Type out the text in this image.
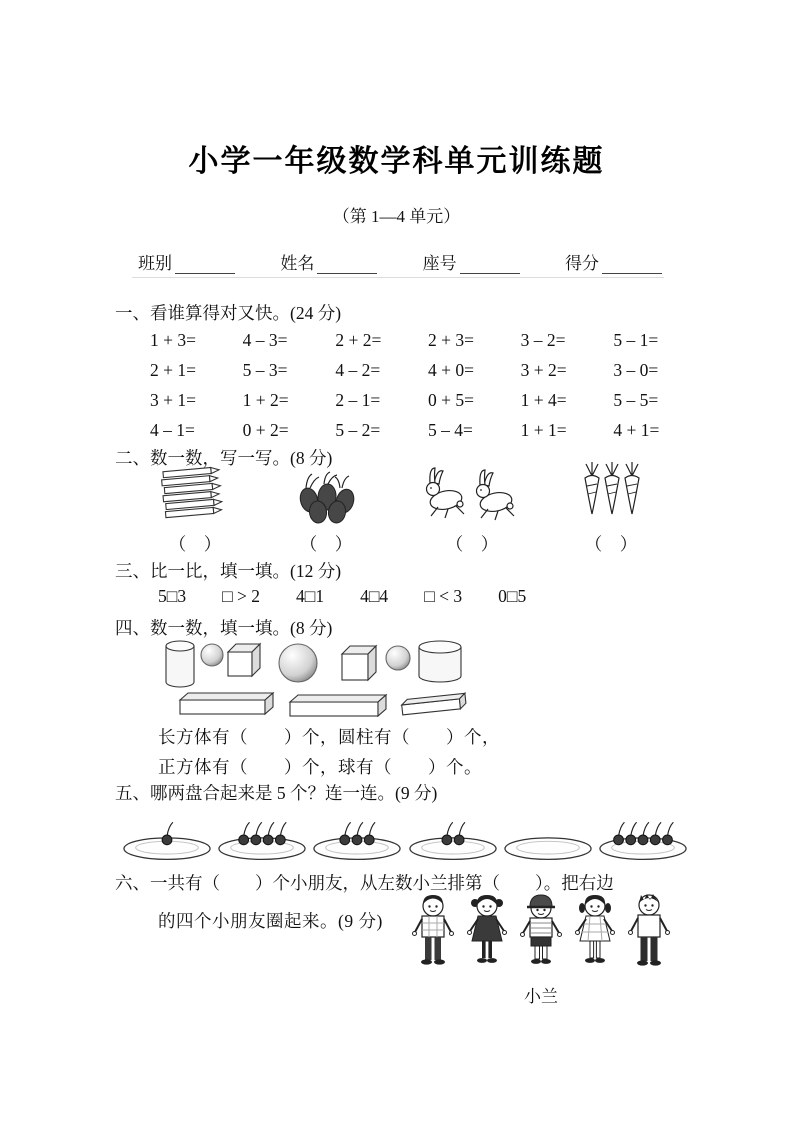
小学一年级数学科单元训练题
（第 1—4 单元）
班别	姓名	座号	得分
一、看谁算得对又快。(24 分)
1 + 3=	4 – 3=	2 + 2=	2 + 3=	3 – 2=	5 – 1=
2 + 1=	5 – 3=	4 – 2=	4 + 0=	3 + 2=	3 – 0=
3 + 1=	1 + 2=	2 – 1=	0 + 5=	1 + 4=	5 – 5=
4 – 1=	0 + 2=	5 – 2=	5 – 4=	1 + 1=	4 + 1=
二、数一数，写一写。(8 分)
（　）	（　）	（　）	（　）
三、比一比，填一填。(12 分)
5□3 □ > 2 4□1 4□4 □ < 3 0□5
四、数一数，填一填。(8 分)
长方体有（　　）个，圆柱有（　　）个，
正方体有（　　）个，球有（　　）个。
五、哪两盘合起来是 5 个？连一连。(9 分)
六、一共有（　　）个小朋友，从左数小兰排第（　　）。把右边
的四个小朋友圈起来。(9 分)
小兰
